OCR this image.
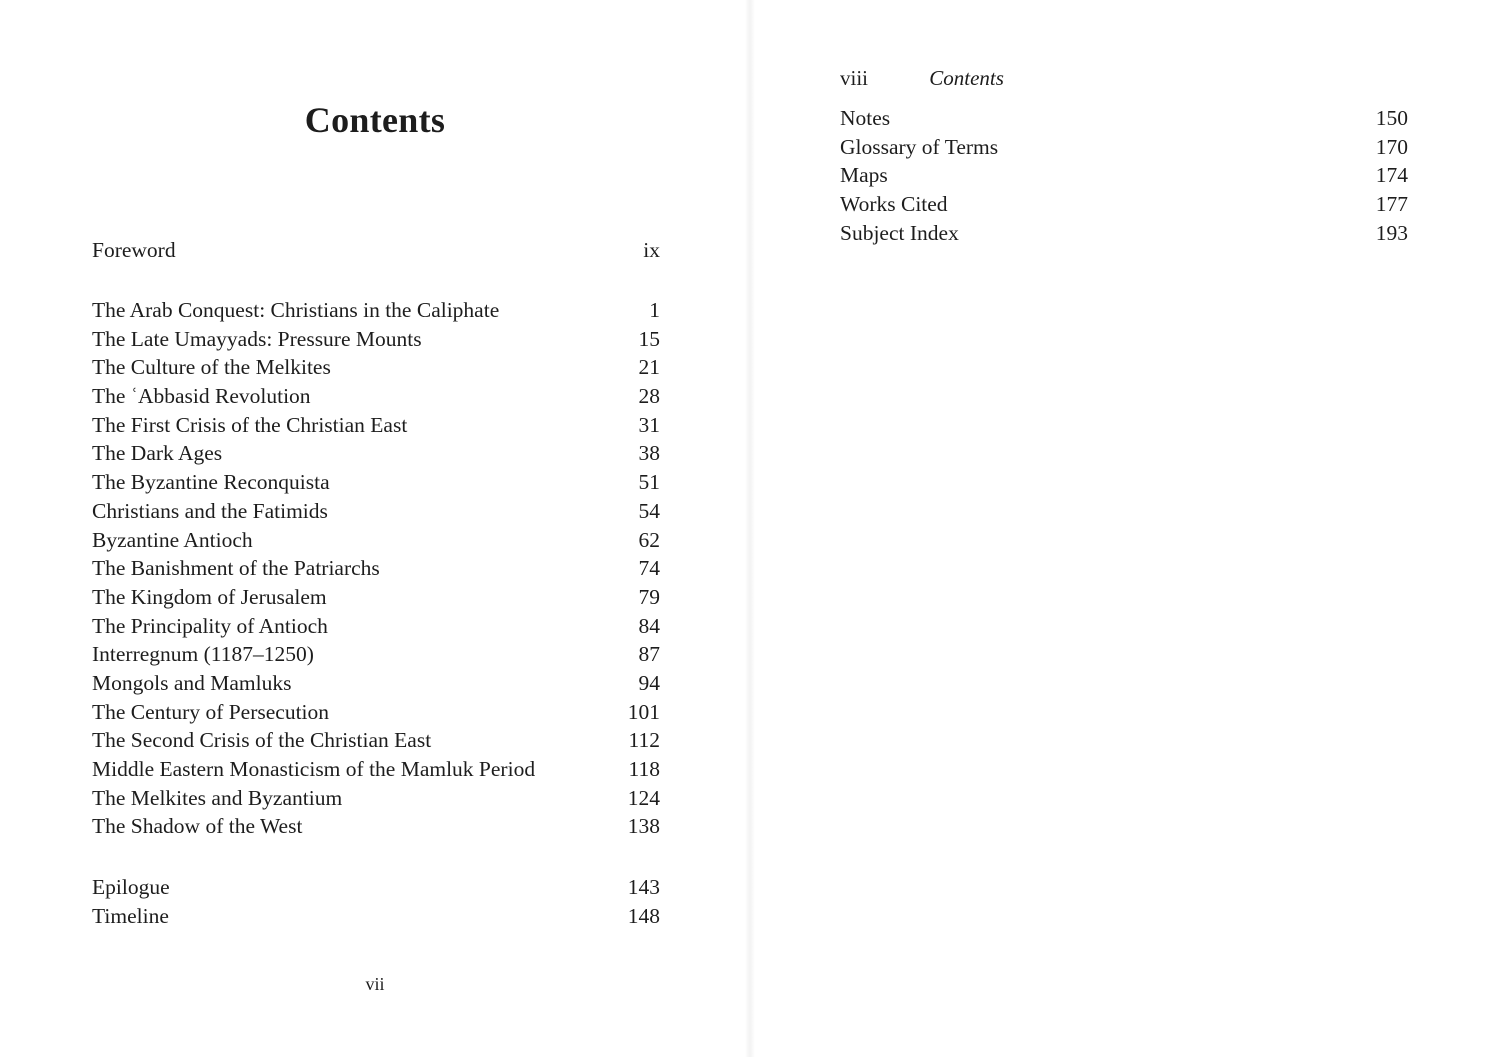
Contents
Foreword	ix
The Arab Conquest: Christians in the Caliphate	1
The Late Umayyads: Pressure Mounts	15
The Culture of the Melkites	21
The ʿAbbasid Revolution	28
The First Crisis of the Christian East	31
The Dark Ages	38
The Byzantine Reconquista	51
Christians and the Fatimids	54
Byzantine Antioch	62
The Banishment of the Patriarchs	74
The Kingdom of Jerusalem	79
The Principality of Antioch	84
Interregnum (1187–1250)	87
Mongols and Mamluks	94
The Century of Persecution	101
The Second Crisis of the Christian East	112
Middle Eastern Monasticism of the Mamluk Period	118
The Melkites and Byzantium	124
The Shadow of the West	138
Epilogue	143
Timeline	148
vii
viii	Contents
Notes	150
Glossary of Terms	170
Maps	174
Works Cited	177
Subject Index	193
